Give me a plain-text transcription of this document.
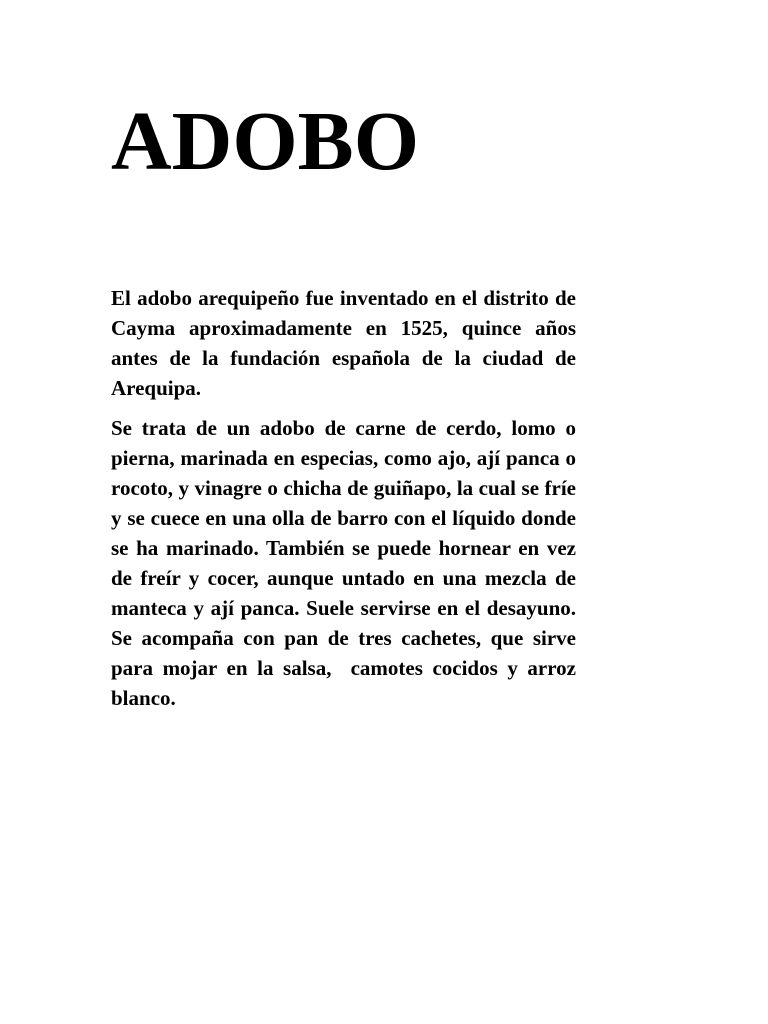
ADOBO

El adobo arequipeño fue inventado en el distrito de Cayma aproximadamente en 1525, quince años antes de la fundación española de la ciudad de Arequipa.

Se trata de un adobo de carne de cerdo, lomo o pierna, marinada en especias, como ajo, ají panca o rocoto, y vinagre o chicha de guiñapo, la cual se fríe y se cuece en una olla de barro con el líquido donde se ha marinado. También se puede hornear en vez de freír y cocer, aunque untado en una mezcla de manteca y ají panca. Suele servirse en el desayuno.  Se acompaña con pan de tres cachetes, que sirve para mojar en la salsa,  camotes cocidos y arroz blanco.
